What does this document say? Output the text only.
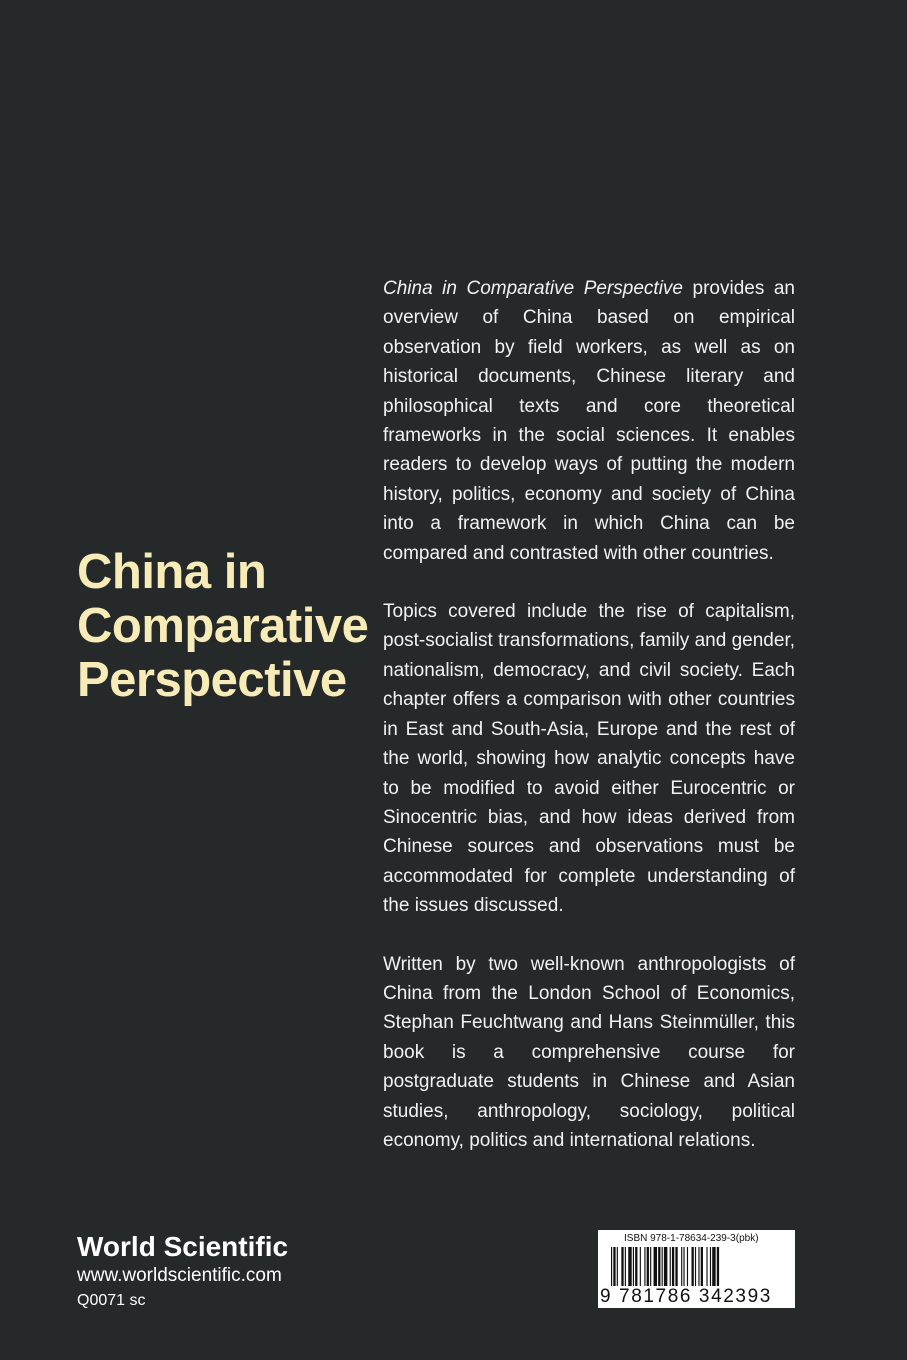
China in
Comparative
Perspective

China in Comparative Perspective provides an overview of China based on empirical observation by field workers, as well as on historical documents, Chinese literary and philosophical texts and core theoretical frameworks in the social sciences. It enables readers to develop ways of putting the modern history, politics, economy and society of China into a framework in which China can be compared and contrasted with other countries.

Topics covered include the rise of capitalism, post-socialist transformations, family and gender, nationalism, democracy, and civil society. Each chapter offers a comparison with other countries in East and South-Asia, Europe and the rest of the world, showing how analytic concepts have to be modified to avoid either Eurocentric or Sinocentric bias, and how ideas derived from Chinese sources and observations must be accommodated for complete understanding of the issues discussed.

Written by two well-known anthropologists of China from the London School of Economics, Stephan Feuchtwang and Hans Steinmüller, this book is a comprehensive course for postgraduate students in Chinese and Asian studies, anthropology, sociology, political economy, politics and international relations.

World Scientific
www.worldscientific.com
Q0071 sc
ISBN 978-1-78634-239-3(pbk)
9 781786 342393
